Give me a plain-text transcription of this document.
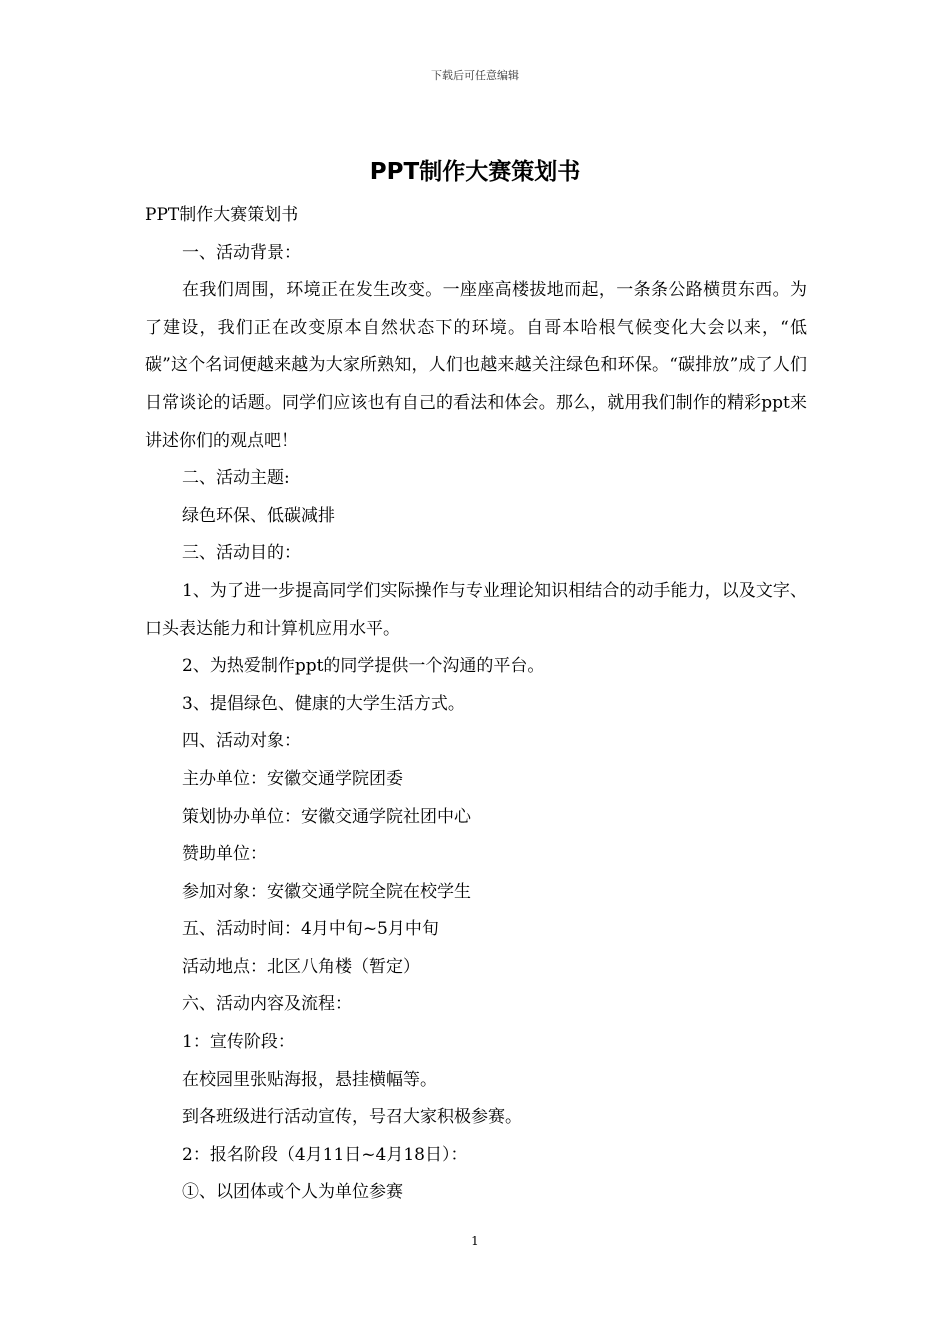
下载后可任意编辑
PPT制作大赛策划书

PPT制作大赛策划书

一、活动背景：

在我们周围，环境正在发生改变。一座座高楼拔地而起，一条条公路横贯东西。为了建设，我们正在改变原本自然状态下的环境。自哥本哈根气候变化大会以来，“低碳”这个名词便越来越为大家所熟知，人们也越来越关注绿色和环保。“碳排放”成了人们日常谈论的话题。同学们应该也有自己的看法和体会。那么，就用我们制作的精彩ppt来讲述你们的观点吧！

二、活动主题:

绿色环保、低碳减排

三、活动目的：

1、为了进一步提高同学们实际操作与专业理论知识相结合的动手能力，以及文字、口头表达能力和计算机应用水平。

2、为热爱制作ppt的同学提供一个沟通的平台。

3、提倡绿色、健康的大学生活方式。

四、活动对象：

主办单位：安徽交通学院团委

策划协办单位：安徽交通学院社团中心

赞助单位：

参加对象：安徽交通学院全院在校学生

五、活动时间：4月中旬~5月中旬

活动地点：北区八角楼（暂定）

六、活动内容及流程：

1：宣传阶段：

在校园里张贴海报，悬挂横幅等。

到各班级进行活动宣传，号召大家积极参赛。

2：报名阶段（4月11日~4月18日）：

①、以团体或个人为单位参赛

1
